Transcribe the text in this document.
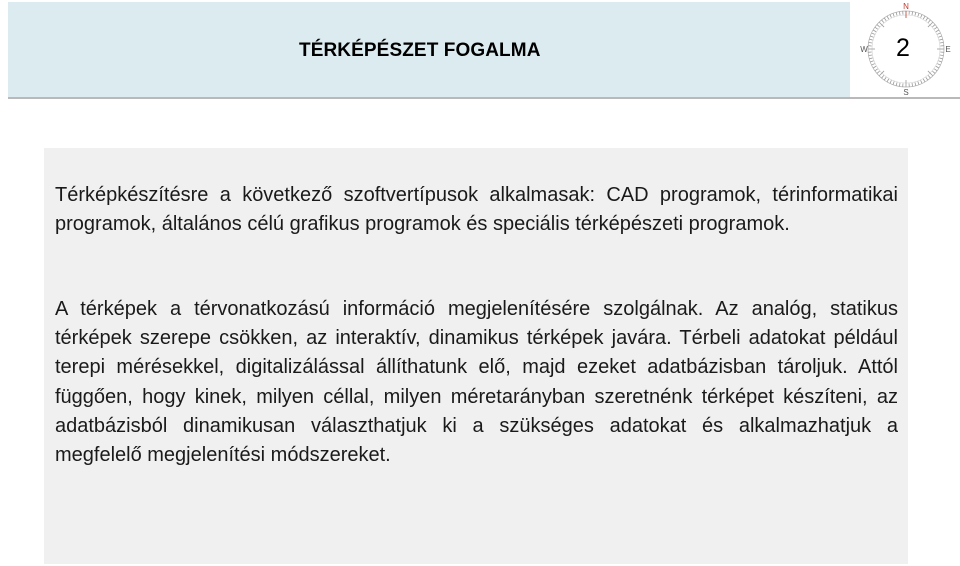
TÉRKÉPÉSZET FOGALMA
N
S
E
W 2

Térképkészítésre a következő szoftvertípusok alkalmasak: CAD programok, térinformatikai programok, általános célú grafikus programok és speciális térképészeti programok.

A térképek a térvonatkozású információ megjelenítésére szolgálnak. Az analóg, statikus térképek szerepe csökken, az interaktív, dinamikus térképek javára. Térbeli adatokat például terepi mérésekkel, digitalizálással állíthatunk elő, majd ezeket adatbázisban tároljuk. Attól függően, hogy kinek, milyen céllal, milyen méretarányban szeretnénk térképet készíteni, az adatbázisból dinamikusan választhatjuk ki a szükséges adatokat és alkalmazhatjuk a megfelelő megjelenítési módszereket.
